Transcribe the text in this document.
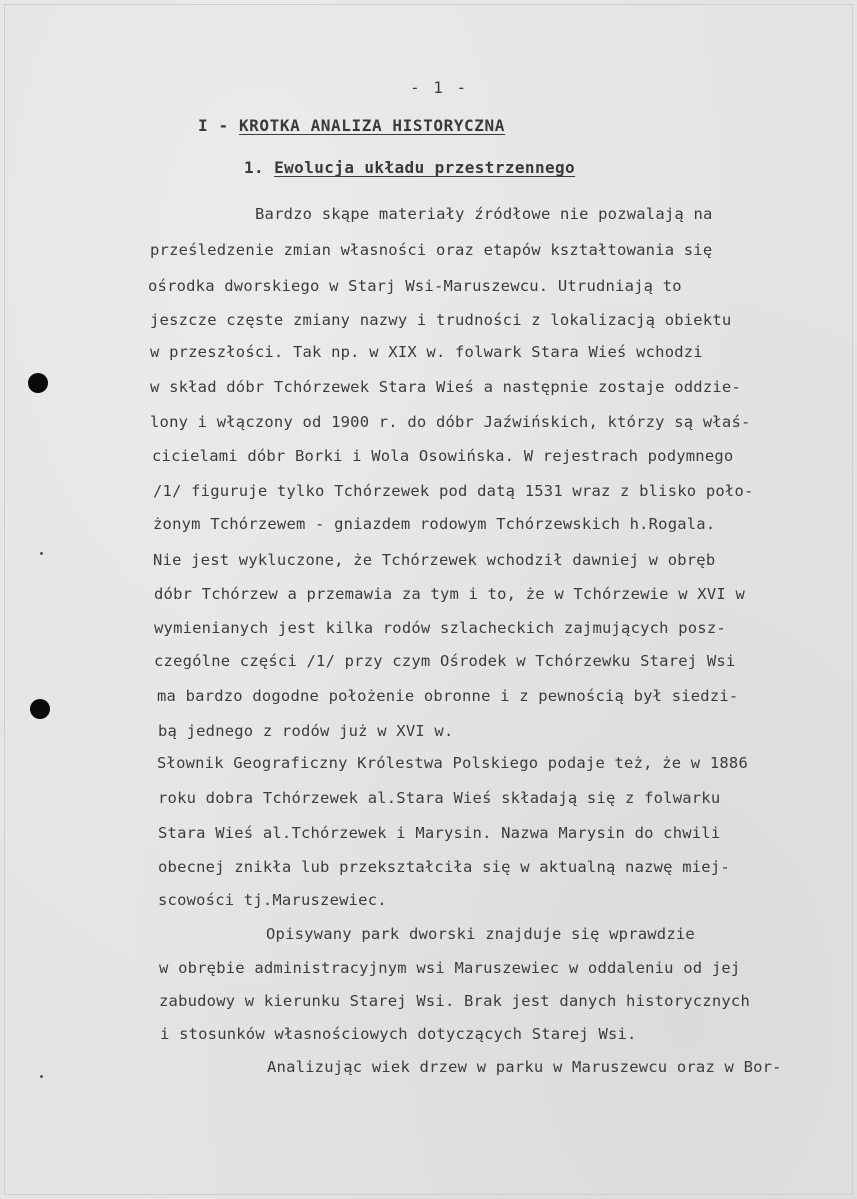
- 1 -
I - KROTKA ANALIZA HISTORYCZNA
1. Ewolucja układu przestrzennego
Bardzo skąpe materiały źródłowe nie pozwalają na
prześledzenie zmian własności oraz etapów kształtowania się
ośrodka dworskiego w Starj Wsi-Maruszewcu. Utrudniają to
jeszcze częste zmiany nazwy i trudności z lokalizacją obiektu
w przeszłości. Tak np. w XIX w. folwark Stara Wieś wchodzi
w skład dóbr Tchórzewek Stara Wieś a następnie zostaje oddzie-
lony i włączony od 1900 r. do dóbr Jaźwińskich, którzy są właś-
cicielami dóbr Borki i Wola Osowińska. W rejestrach podymnego
/1/ figuruje tylko Tchórzewek pod datą 1531 wraz z blisko poło-
żonym Tchórzewem - gniazdem rodowym Tchórzewskich h.Rogala.
Nie jest wykluczone, że Tchórzewek wchodził dawniej w obręb
dóbr Tchórzew a przemawia za tym i to, że w Tchórzewie w XVI w
wymienianych jest kilka rodów szlacheckich zajmujących posz-
czególne części /1/ przy czym Ośrodek w Tchórzewku Starej Wsi
ma bardzo dogodne położenie obronne i z pewnością był siedzi-
bą jednego z rodów już w XVI w.
Słownik Geograficzny Królestwa Polskiego podaje też, że w 1886
roku dobra Tchórzewek al.Stara Wieś składają się z folwarku
Stara Wieś al.Tchórzewek i Marysin. Nazwa Marysin do chwili
obecnej znikła lub przekształciła się w aktualną nazwę miej-
scowości tj.Maruszewiec.
Opisywany park dworski znajduje się wprawdzie
w obrębie administracyjnym wsi Maruszewiec w oddaleniu od jej
zabudowy w kierunku Starej Wsi. Brak jest danych historycznych
i stosunków własnościowych dotyczących Starej Wsi.
Analizując wiek drzew w parku w Maruszewcu oraz w Bor-
